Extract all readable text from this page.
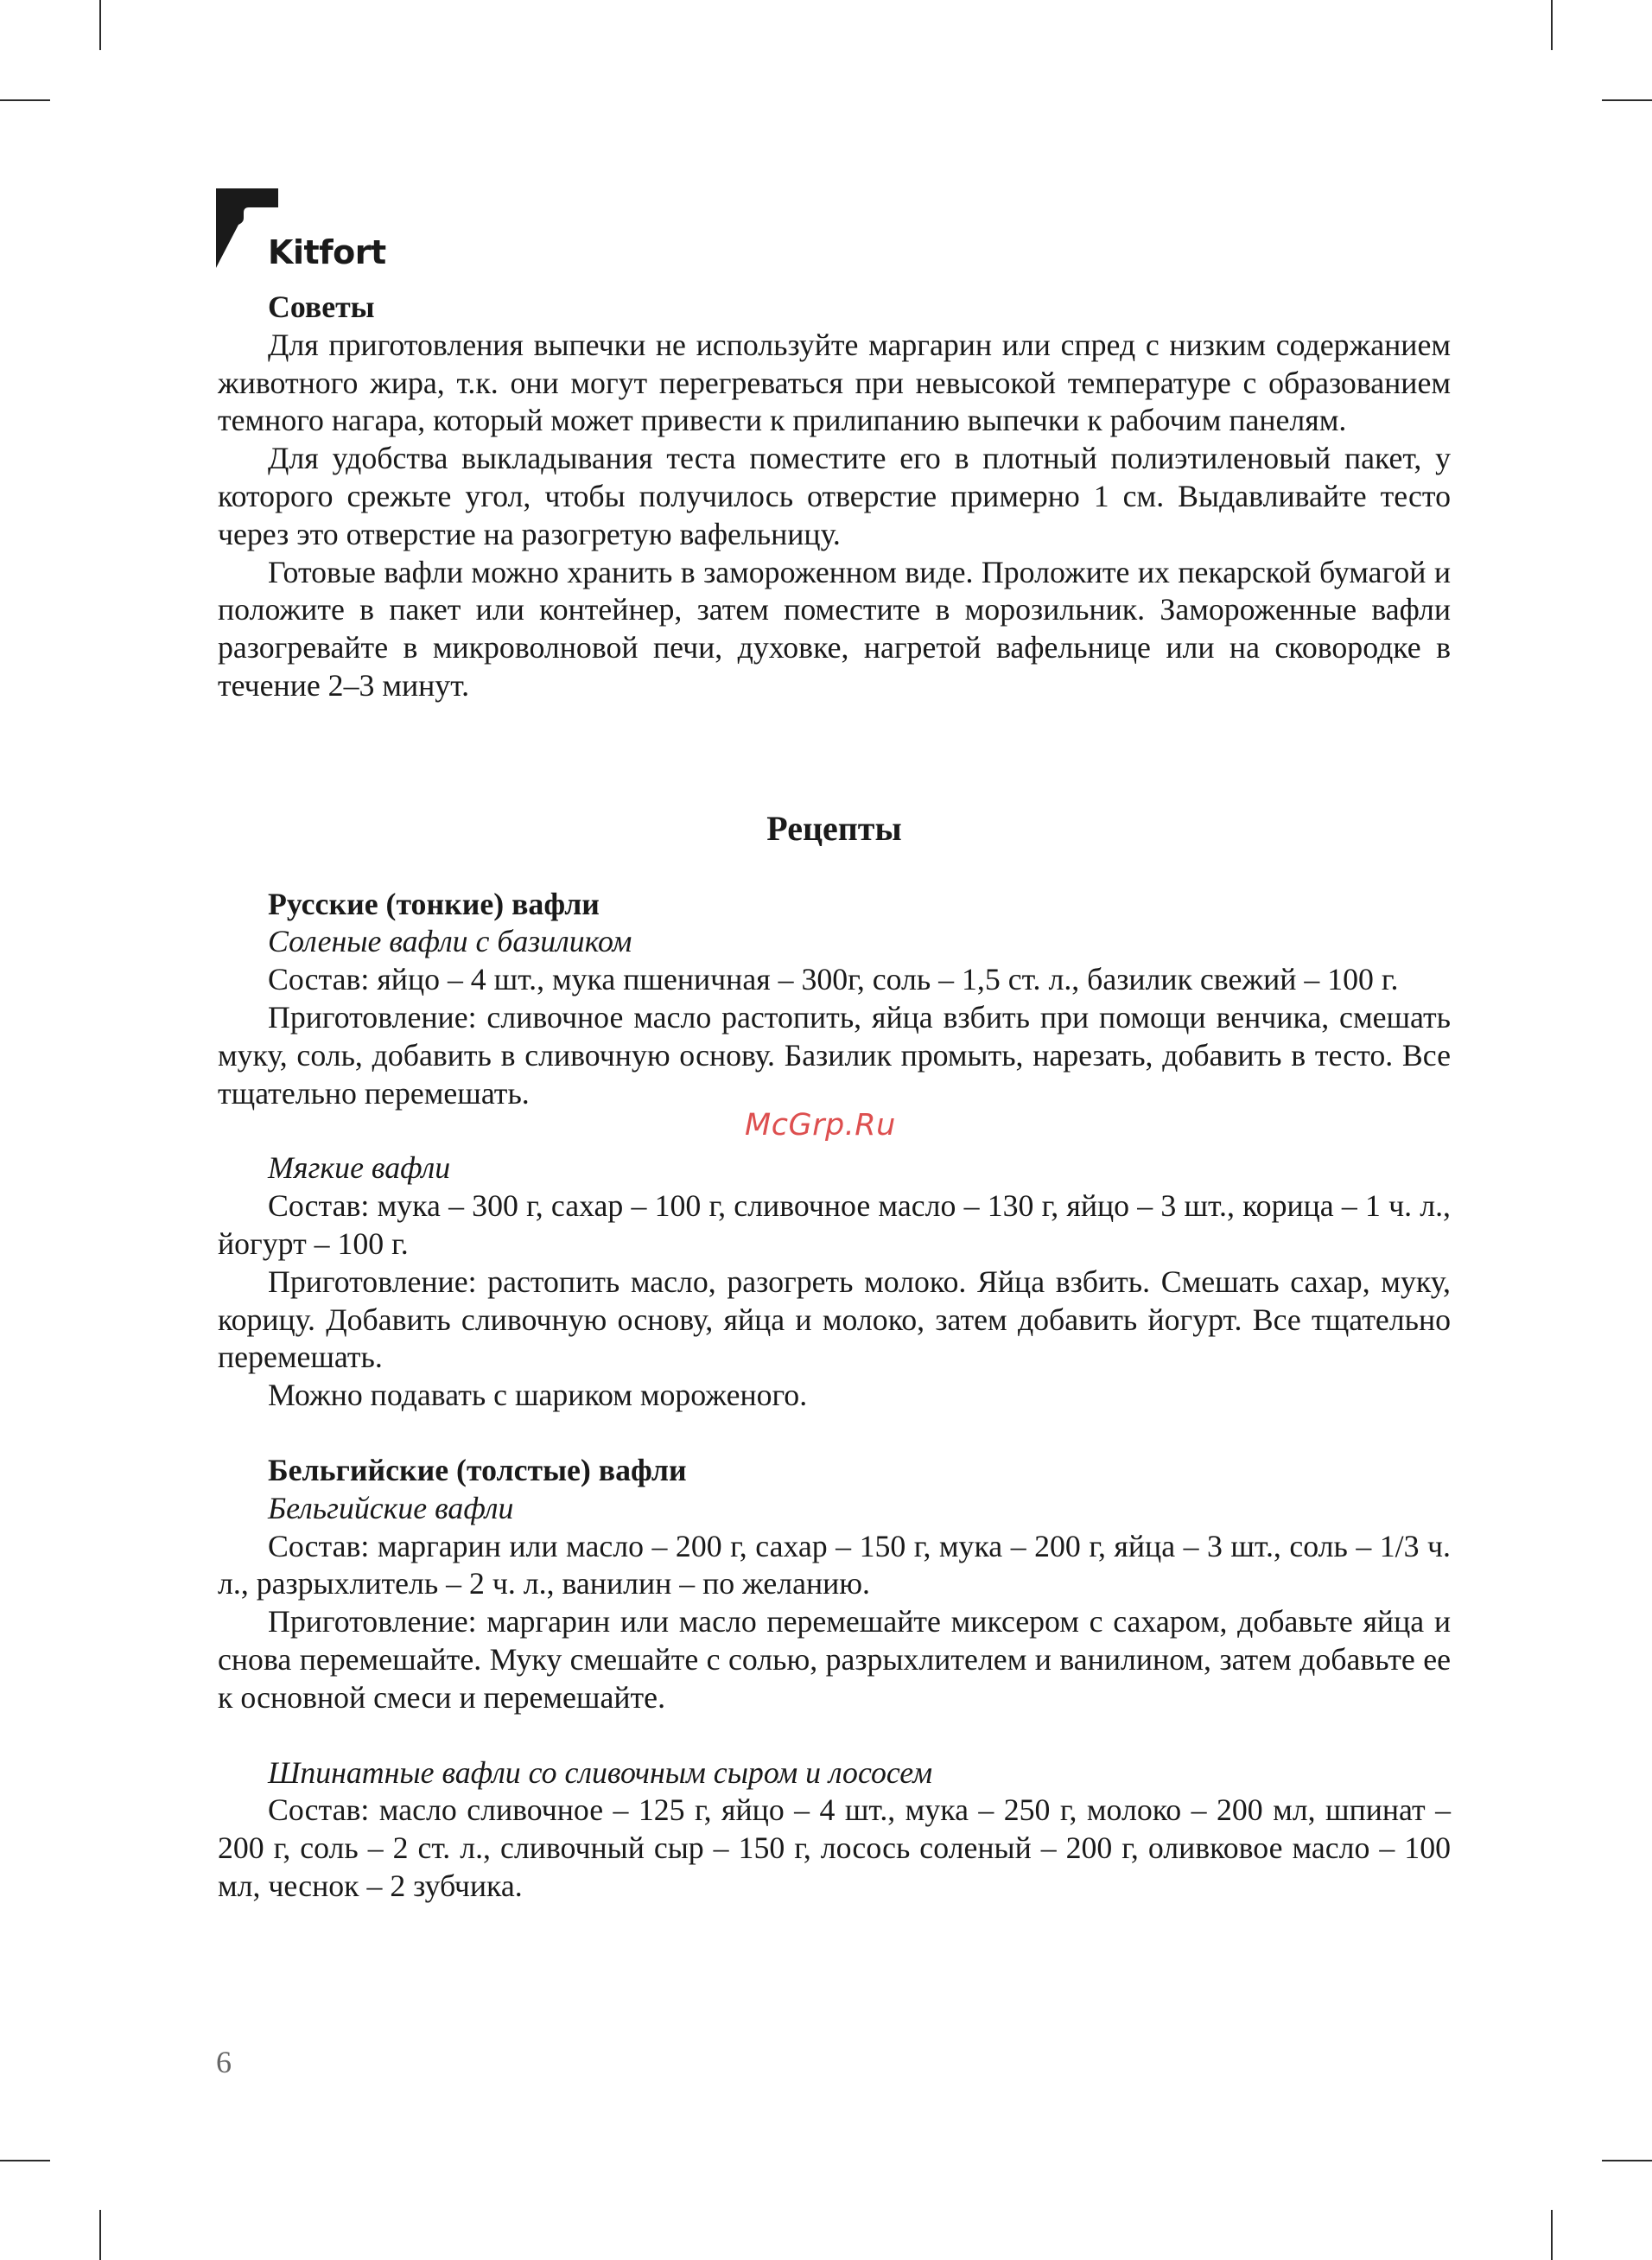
Kitfort
McGrp.Ru

Советы

Для приготовления выпечки не используйте маргарин или спред с низким содержанием животного жира, т.к. они могут перегреваться при невысокой температуре с образованием темного нагара, который может привести к прилипанию выпечки к рабочим панелям.

Для удобства выкладывания теста поместите его в плотный полиэтиленовый пакет, у которого срежьте угол, чтобы получилось отверстие примерно 1 см. Выдавливайте тесто через это отверстие на разогретую вафельницу.

Готовые вафли можно хранить в замороженном виде. Проложите их пекарской бумагой и положите в пакет или контейнер, затем поместите в морозильник. Замороженные вафли разогревайте в микроволновой печи, духовке, нагретой вафельнице или на сковородке в течение 2–3 минут.

Рецепты

Русские (тонкие) вафли

Соленые вафли с базиликом

Состав: яйцо – 4 шт., мука пшеничная – 300г, соль – 1,5 ст. л., базилик свежий – 100 г.

Приготовление: сливочное масло растопить, яйца взбить при помощи венчика, смешать муку, соль, добавить в сливочную основу. Базилик промыть, нарезать, добавить в тесто. Все тщательно перемешать.

Мягкие вафли

Состав: мука – 300 г, сахар – 100 г, сливочное масло – 130 г, яйцо – 3 шт., корица – 1 ч. л., йогурт – 100 г.

Приготовление: растопить масло, разогреть молоко. Яйца взбить. Смешать сахар, муку, корицу. Добавить сливочную основу, яйца и молоко, затем добавить йогурт. Все тщательно перемешать.

Можно подавать с шариком мороженого.

Бельгийские (толстые) вафли

Бельгийские вафли

Состав: маргарин или масло – 200 г, сахар – 150 г, мука – 200 г, яйца – 3 шт., соль – 1/3 ч. л., разрыхлитель – 2 ч. л., ванилин – по желанию.

Приготовление: маргарин или масло перемешайте миксером с сахаром, добавьте яйца и снова перемешайте. Муку смешайте с солью, разрыхлителем и ванилином, затем добавьте ее к основной смеси и перемешайте.

Шпинатные вафли со сливочным сыром и лососем

Состав: масло сливочное – 125 г, яйцо – 4 шт., мука – 250 г, молоко – 200 мл, шпинат – 200 г, соль – 2 ст. л., сливочный сыр – 150 г, лосось соленый – 200 г, оливковое масло – 100 мл, чеснок – 2 зубчика.

6
